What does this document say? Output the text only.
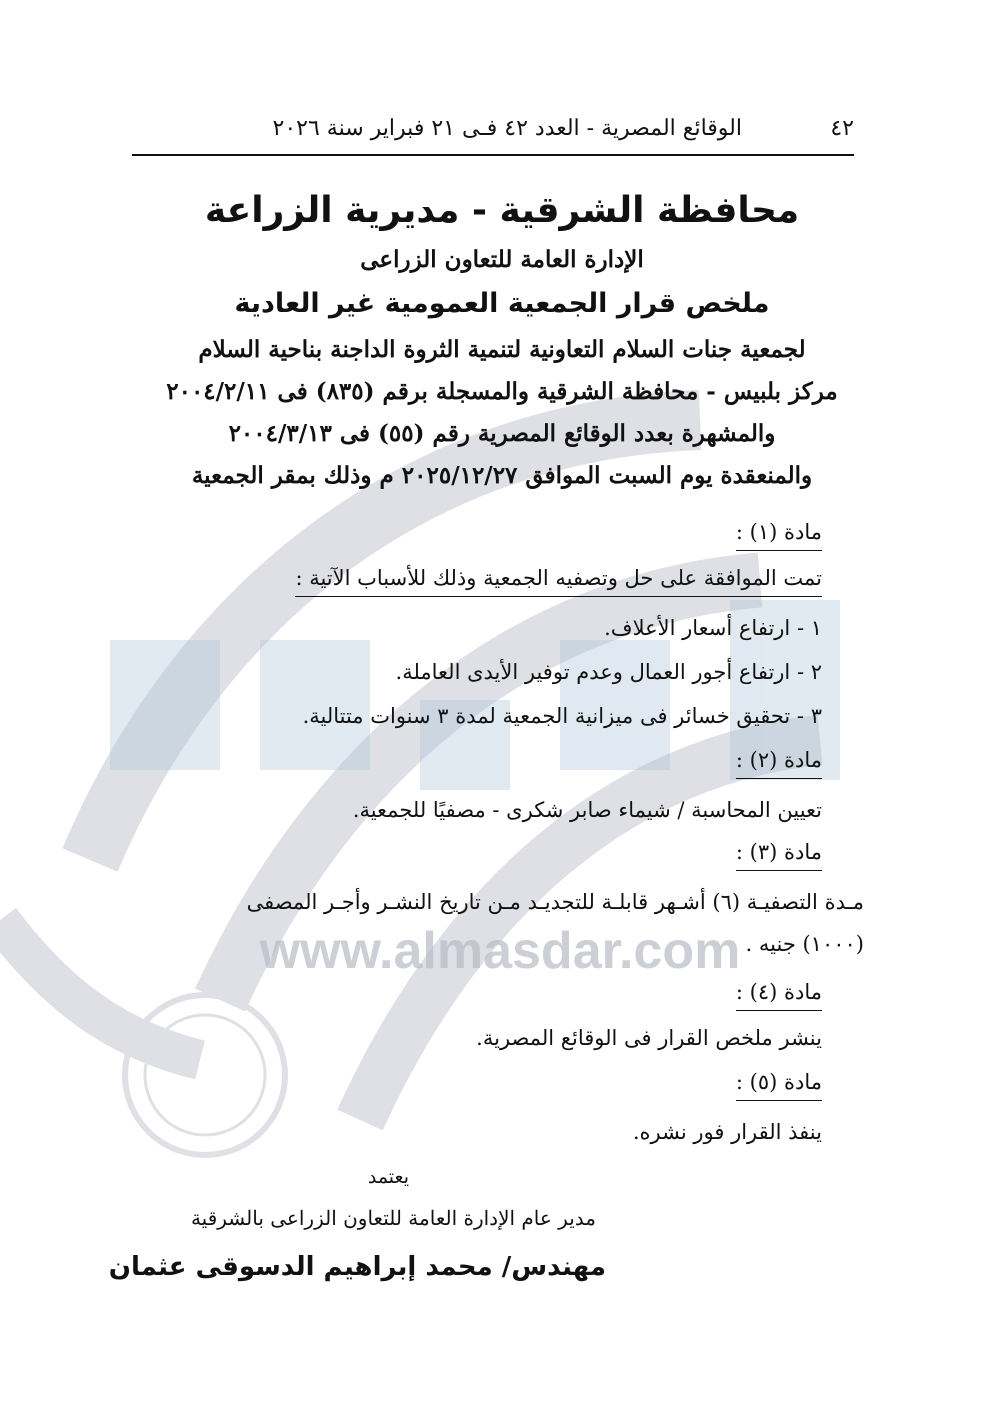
www.almasdar.com
الوقائع المصرية - العدد ٤٢ فـى ٢١ فبراير سنة ٢٠٢٦	٤٢
محافظة الشرقية - مديرية الزراعة
الإدارة العامة للتعاون الزراعى
ملخص قرار الجمعية العمومية غير العادية
لجمعية جنات السلام التعاونية لتنمية الثروة الداجنة بناحية السلام
مركز بلبيس - محافظة الشرقية والمسجلة برقم (٨٣٥) فى ٢٠٠٤/٢/١١
والمشهرة بعدد الوقائع المصرية رقم (٥٥) فى ٢٠٠٤/٣/١٣
والمنعقدة يوم السبت الموافق ٢٠٢٥/١٢/٢٧ م وذلك بمقر الجمعية
مادة (١) :
تمت الموافقة على حل وتصفيه الجمعية وذلك للأسباب الآتية :
١ - ارتفاع أسعار الأعلاف.
٢ - ارتفاع أجور العمال وعدم توفير الأيدى العاملة.
٣ - تحقيق خسائر فى ميزانية الجمعية لمدة ٣ سنوات متتالية.
مادة (٢) :
تعيين المحاسبة / شيماء صابر شكرى - مصفيًا للجمعية.
مادة (٣) :
مـدة التصفيـة (٦) أشـهر قابلـة للتجديـد مـن تاريخ النشـر وأجـر المصفى
(١٠٠٠) جنيه .
مادة (٤) :
ينشر ملخص القرار فى الوقائع المصرية.
مادة (٥) :
ينفذ القرار فور نشره.
يعتمد
مدير عام الإدارة العامة للتعاون الزراعى بالشرقية
مهندس/ محمد إبراهيم الدسوقى عثمان
